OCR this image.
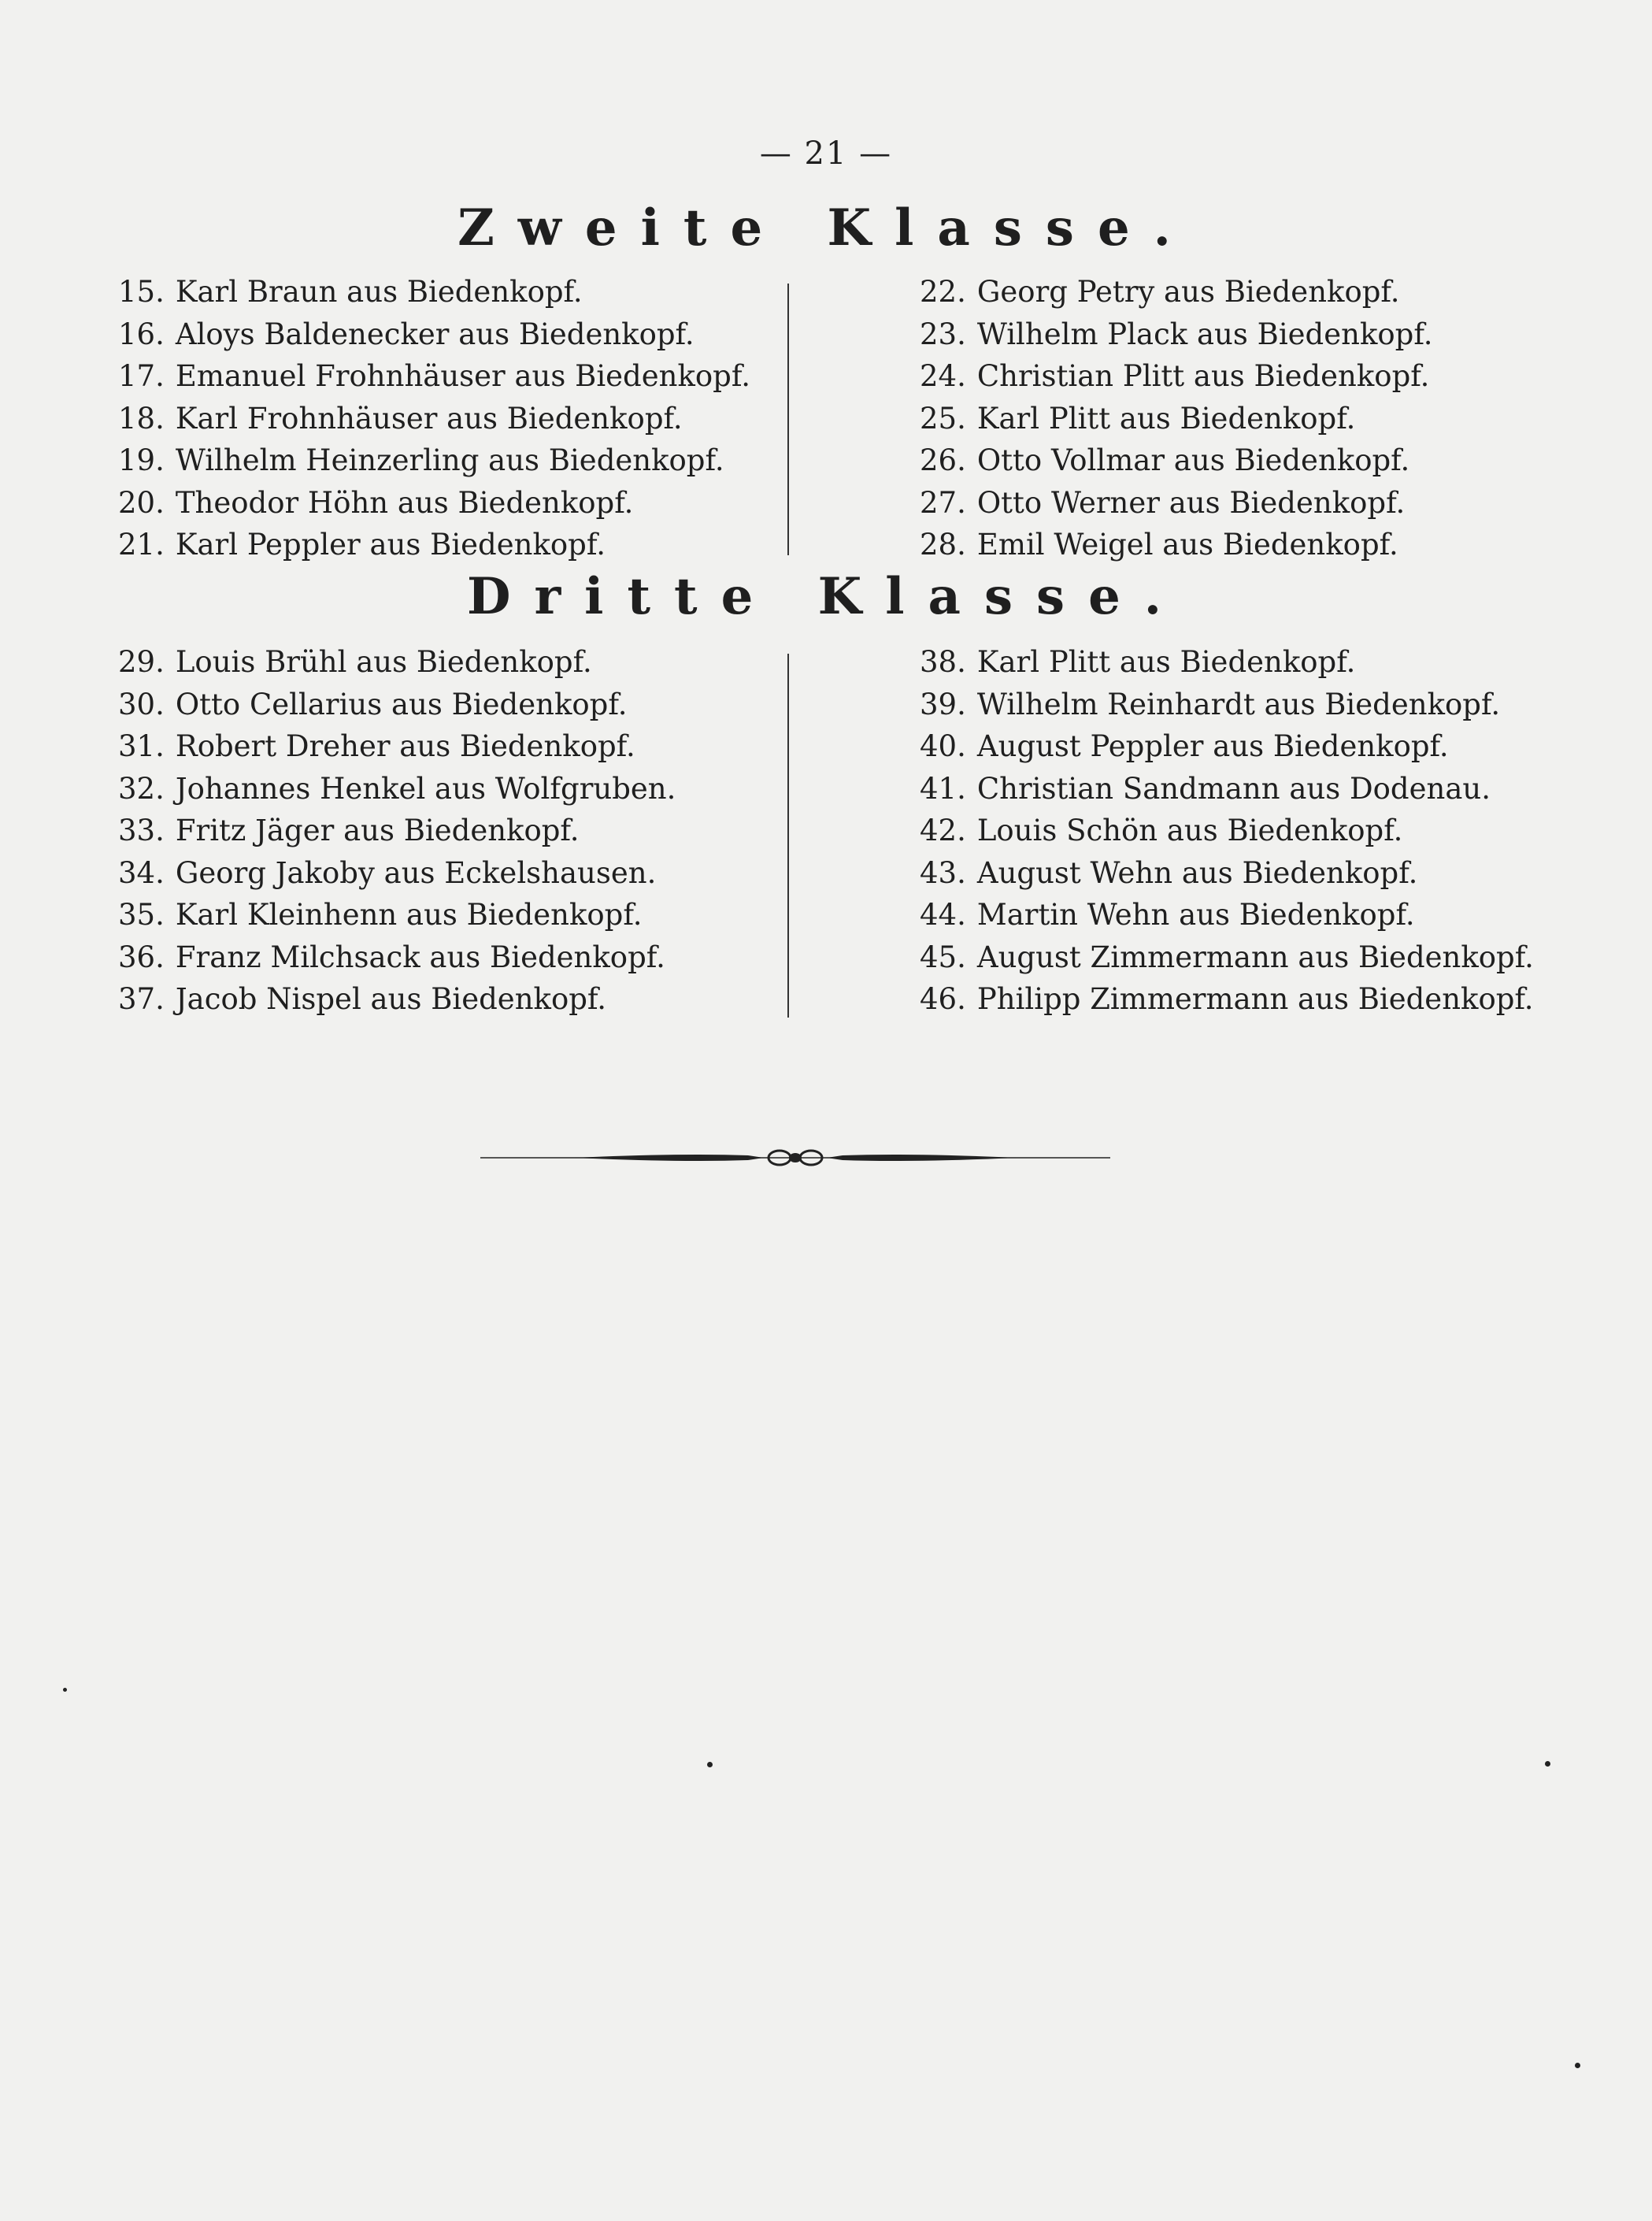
— 21 —
Zweite Klasse.
15. Karl Braun aus Biedenkopf.
16. Aloys Baldenecker aus Biedenkopf.
17. Emanuel Frohnhäuser aus Biedenkopf.
18. Karl Frohnhäuser aus Biedenkopf.
19. Wilhelm Heinzerling aus Biedenkopf.
20. Theodor Höhn aus Biedenkopf.
21. Karl Peppler aus Biedenkopf.
22. Georg Petry aus Biedenkopf.
23. Wilhelm Plack aus Biedenkopf.
24. Christian Plitt aus Biedenkopf.
25. Karl Plitt aus Biedenkopf.
26. Otto Vollmar aus Biedenkopf.
27. Otto Werner aus Biedenkopf.
28. Emil Weigel aus Biedenkopf.
Dritte Klasse.
29. Louis Brühl aus Biedenkopf.
30. Otto Cellarius aus Biedenkopf.
31. Robert Dreher aus Biedenkopf.
32. Johannes Henkel aus Wolfgruben.
33. Fritz Jäger aus Biedenkopf.
34. Georg Jakoby aus Eckelshausen.
35. Karl Kleinhenn aus Biedenkopf.
36. Franz Milchsack aus Biedenkopf.
37. Jacob Nispel aus Biedenkopf.
38. Karl Plitt aus Biedenkopf.
39. Wilhelm Reinhardt aus Biedenkopf.
40. August Peppler aus Biedenkopf.
41. Christian Sandmann aus Dodenau.
42. Louis Schön aus Biedenkopf.
43. August Wehn aus Biedenkopf.
44. Martin Wehn aus Biedenkopf.
45. August Zimmermann aus Biedenkopf.
46. Philipp Zimmermann aus Biedenkopf.
